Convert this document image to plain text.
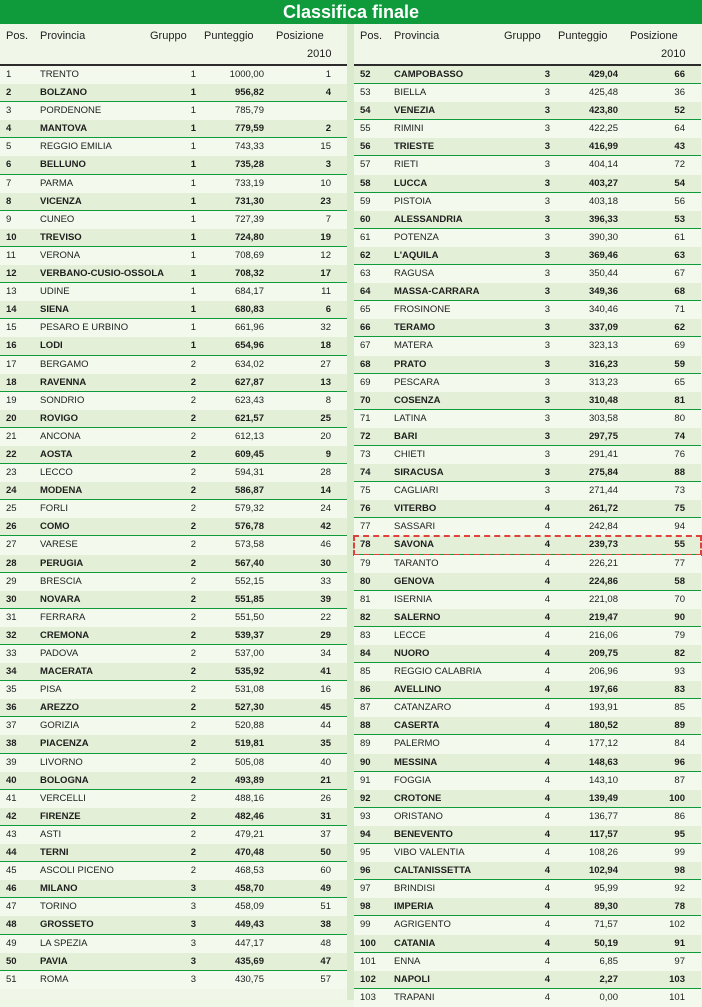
Classifica finale
Pos. Provincia	Gruppo Punteggio Posizione
2010
1	TRENTO	1	1000,00	1
2	BOLZANO	1	956,82	4
3	PORDENONE	1	785,79
4	MANTOVA	1	779,59	2
5	REGGIO EMILIA	1	743,33	15
6	BELLUNO	1	735,28	3
7	PARMA	1	733,19	10
8	VICENZA	1	731,30	23
9	CUNEO	1	727,39	7
10 TREVISO	1	724,80	19
11	VERONA	1	708,69	12
12 VERBANO-CUSIO-OSSOLA	1	708,32	17
13 UDINE	1	684,17	11
14 SIENA	1	680,83	6
15 PESARO E URBINO	1	661,96	32
16 LODI	1	654,96	18
17 BERGAMO	2	634,02	27
18 RAVENNA	2	627,87	13
19 SONDRIO	2	623,43	8
20 ROVIGO	2	621,57	25
21 ANCONA	2	612,13	20
22 AOSTA	2	609,45	9
23 LECCO	2	594,31	28
24 MODENA	2	586,87	14
25 FORLI	2	579,32	24
26 COMO	2	576,78	42
27 VARESE	2	573,58	46
28 PERUGIA	2	567,40	30
29 BRESCIA	2	552,15	33
30 NOVARA	2	551,85	39
31 FERRARA	2	551,50	22
32 CREMONA	2	539,37	29
33 PADOVA	2	537,00	34
34 MACERATA	2	535,92	41
35 PISA	2	531,08	16
36 AREZZO	2	527,30	45
37 GORIZIA	2	520,88	44
38 PIACENZA	2	519,81	35
39 LIVORNO	2	505,08	40
40 BOLOGNA	2	493,89	21
41 VERCELLI	2	488,16	26
42 FIRENZE	2	482,46	31
43 ASTI	2	479,21	37
44 TERNI	2	470,48	50
45 ASCOLI PICENO	2	468,53	60
46 MILANO	3	458,70	49
47 TORINO	3	458,09	51
48 GROSSETO	3	449,43	38
49 LA SPEZIA	3	447,17	48
50 PAVIA	3	435,69	47
51 ROMA	3	430,75	57
Pos. Provincia	Gruppo Punteggio Posizione
2010
52 CAMPOBASSO	3	429,04	66
53 BIELLA	3	425,48	36
54 VENEZIA	3	423,80	52
55 RIMINI	3	422,25	64
56 TRIESTE	3	416,99	43
57 RIETI	3	404,14	72
58 LUCCA	3	403,27	54
59 PISTOIA	3	403,18	56
60 ALESSANDRIA	3	396,33	53
61 POTENZA	3	390,30	61
62 L'AQUILA	3	369,46	63
63 RAGUSA	3	350,44	67
64 MASSA-CARRARA	3	349,36	68
65 FROSINONE	3	340,46	71
66 TERAMO	3	337,09	62
67 MATERA	3	323,13	69
68 PRATO	3	316,23	59
69 PESCARA	3	313,23	65
70 COSENZA	3	310,48	81
71 LATINA	3	303,58	80
72 BARI	3	297,75	74
73 CHIETI	3	291,41	76
74 SIRACUSA	3	275,84	88
75 CAGLIARI	3	271,44	73
76 VITERBO	4	261,72	75
77 SASSARI	4	242,84	94
78 SAVONA	4	239,73	55
79 TARANTO	4	226,21	77
80 GENOVA	4	224,86	58
81 ISERNIA	4	221,08	70
82 SALERNO	4	219,47	90
83 LECCE	4	216,06	79
84 NUORO	4	209,75	82
85 REGGIO CALABRIA	4	206,96	93
86 AVELLINO	4	197,66	83
87 CATANZARO	4	193,91	85
88 CASERTA	4	180,52	89
89 PALERMO	4	177,12	84
90 MESSINA	4	148,63	96
91 FOGGIA	4	143,10	87
92 CROTONE	4	139,49	100
93 ORISTANO	4	136,77	86
94 BENEVENTO	4	117,57	95
95 VIBO VALENTIA	4	108,26	99
96 CALTANISSETTA	4	102,94	98
97 BRINDISI	4	95,99	92
98 IMPERIA	4	89,30	78
99 AGRIGENTO	4	71,57	102
100 CATANIA	4	50,19	91
101 ENNA	4	6,85	97
102 NAPOLI	4	2,27	103
103 TRAPANI	4	0,00	101
